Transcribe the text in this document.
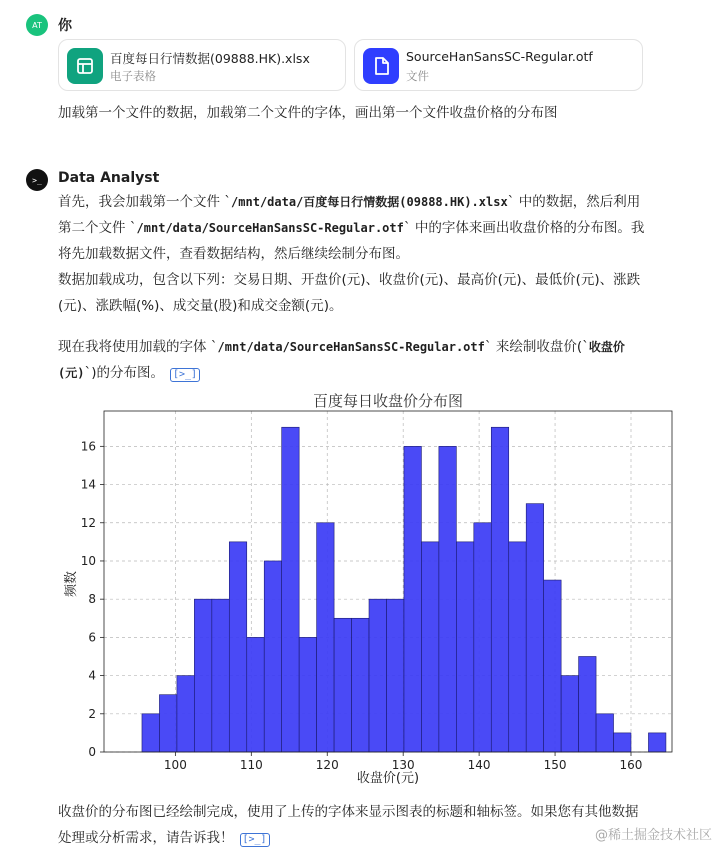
AT 你
百度每日行情数据(09888.HK).xlsx
电子表格
SourceHanSansSC-Regular.otf
文件
加载第一个文件的数据，加载第二个文件的字体，画出第一个文件收盘价格的分布图
>_ Data Analyst
首先，我会加载第一个文件 `/mnt/data/百度每日行情数据(09888.HK).xlsx` 中的数据，然后利用
第二个文件 `/mnt/data/SourceHanSansSC-Regular.otf` 中的字体来画出收盘价格的分布图。我
将先加载数据文件，查看数据结构，然后继续绘制分布图。
数据加载成功，包含以下列：交易日期、开盘价(元)、收盘价(元)、最高价(元)、最低价(元)、涨跌
(元)、涨跌幅(%)、成交量(股)和成交金额(元)。
现在我将使用加载的字体 `/mnt/data/SourceHanSansSC-Regular.otf` 来绘制收盘价(`收盘价
(元)`)的分布图。 [>_]
100	110	120	130	140	150	160
0
2
4
6
8
10
12
14
16
百度每日收盘价分布图
收盘价(元)
频数
收盘价的分布图已经绘制完成，使用了上传的字体来显示图表的标题和轴标签。如果您有其他数据
处理或分析需求，请告诉我！ [>_]	@稀土掘金技术社区
